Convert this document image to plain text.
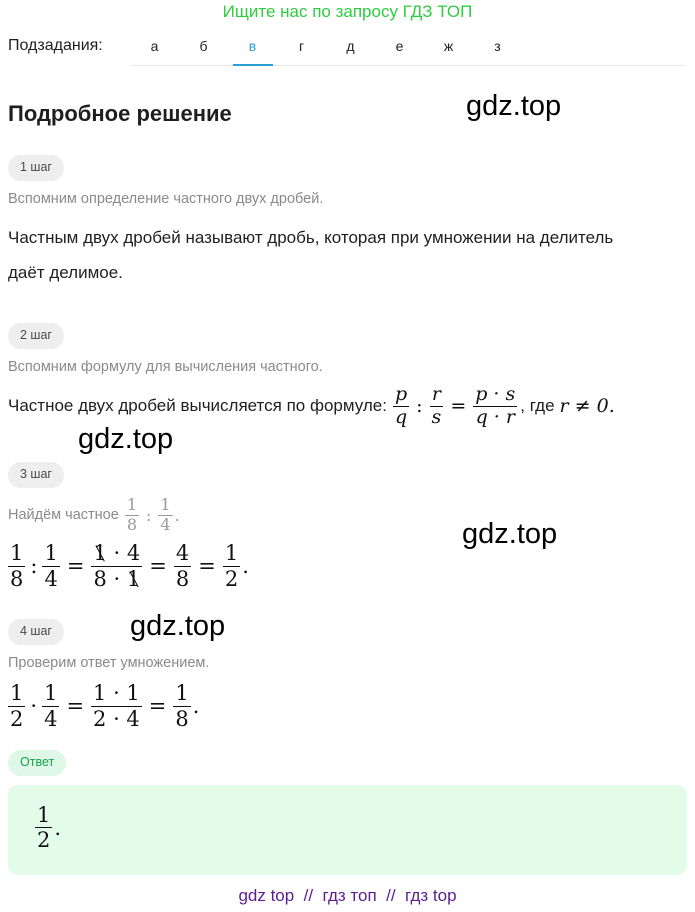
Ищите нас по запросу ГДЗ ТОП
Подзадания:	а	б	в	г	д	е	ж	з
Подробное решение	gdz.top
1 шаг
Вспомним определение частного двух дробей.
Частным двух дробей называют дробь, которая при умножении на делитель
даёт делимое.
2 шаг
Вспомним формулу для вычисления частного.
Частное двух дробей вычисляется по формуле: $\frac{p}{q}$ : $\frac{r}{s} = \frac{p \cdot s}{q \cdot r}$ , где r ≠ 0.
gdz.top
3 шаг
Найдём частное $\frac{1}{8}$ : $\frac{1}{4}$ .
gdz.top
$\frac{1}{8}$ : $\frac{1}{4} = \frac{1 \cdot 4}{8 \cdot 1} = \frac{4}{8} = \frac{1}{2}$ .
4 шаг	gdz.top
Проверим ответ умножением.
$\frac{1}{2} \cdot \frac{1}{4} = \frac{1 \cdot 1}{2 \cdot 4} = \frac{1}{8}$ .
Ответ
$\frac{1}{2}$ .
gdz top  //  гдз топ  //  гдз top
